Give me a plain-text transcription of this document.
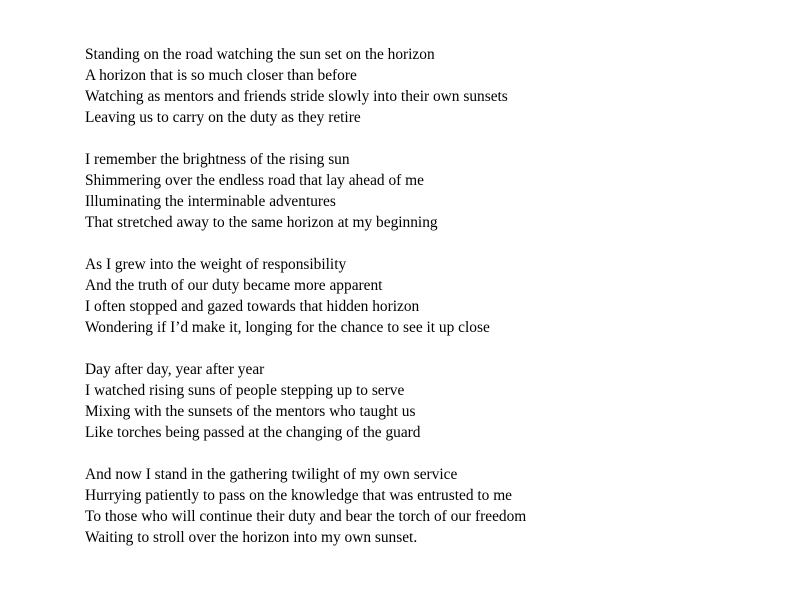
Standing on the road watching the sun set on the horizon
A horizon that is so much closer than before
Watching as mentors and friends stride slowly into their own sunsets
Leaving us to carry on the duty as they retire
I remember the brightness of the rising sun
Shimmering over the endless road that lay ahead of me
Illuminating the interminable adventures
That stretched away to the same horizon at my beginning
As I grew into the weight of responsibility
And the truth of our duty became more apparent
I often stopped and gazed towards that hidden horizon
Wondering if I’d make it, longing for the chance to see it up close
Day after day, year after year
I watched rising suns of people stepping up to serve
Mixing with the sunsets of the mentors who taught us
Like torches being passed at the changing of the guard
And now I stand in the gathering twilight of my own service
Hurrying patiently to pass on the knowledge that was entrusted to me
To those who will continue their duty and bear the torch of our freedom
Waiting to stroll over the horizon into my own sunset.
